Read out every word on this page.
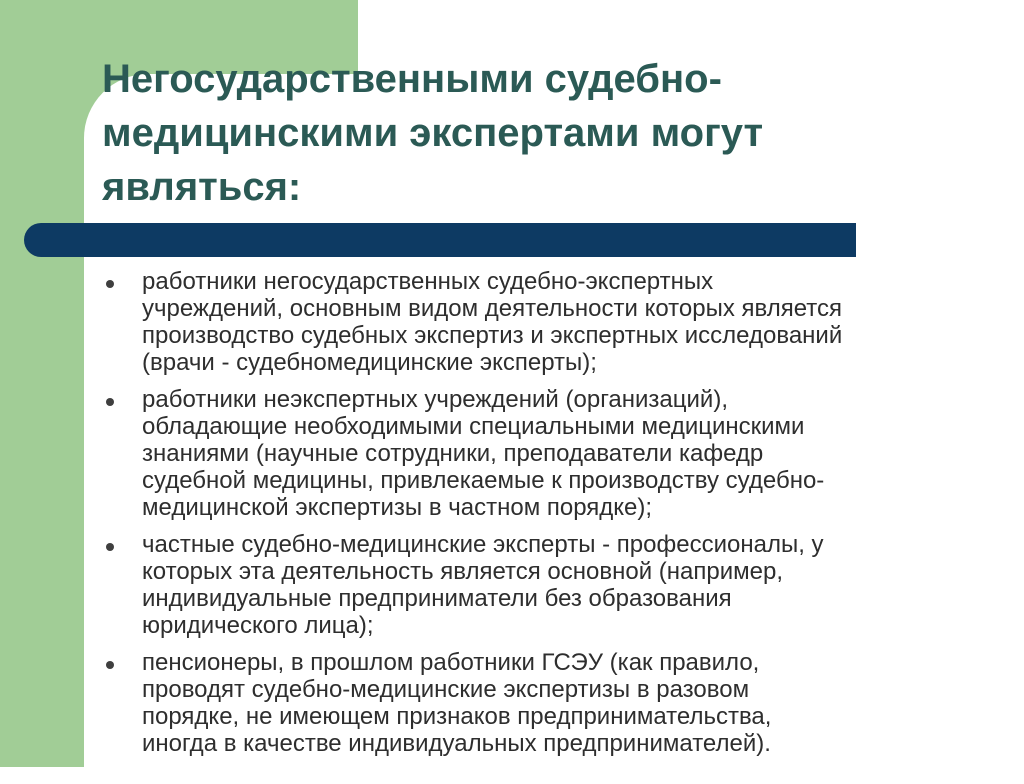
Негосударственными судебно-
медицинскими экспертами могут
являться:
работники негосударственных судебно-экспертных
учреждений, основным видом деятельности которых является
производство судебных экспертиз и экспертных исследований
(врачи - судебномедицинские эксперты);
работники неэкспертных учреждений (организаций),
обладающие необходимыми специальными медицинскими
знаниями (научные сотрудники, преподаватели кафедр
судебной медицины, привлекаемые к производству судебно-
медицинской экспертизы в частном порядке);
частные судебно-медицинские эксперты - профессионалы, у
которых эта деятельность является основной (например,
индивидуальные предприниматели без образования
юридического лица);
пенсионеры, в прошлом работники ГСЭУ (как правило,
проводят судебно-медицинские экспертизы в разовом
порядке, не имеющем признаков предпринимательства,
иногда в качестве индивидуальных предпринимателей).
